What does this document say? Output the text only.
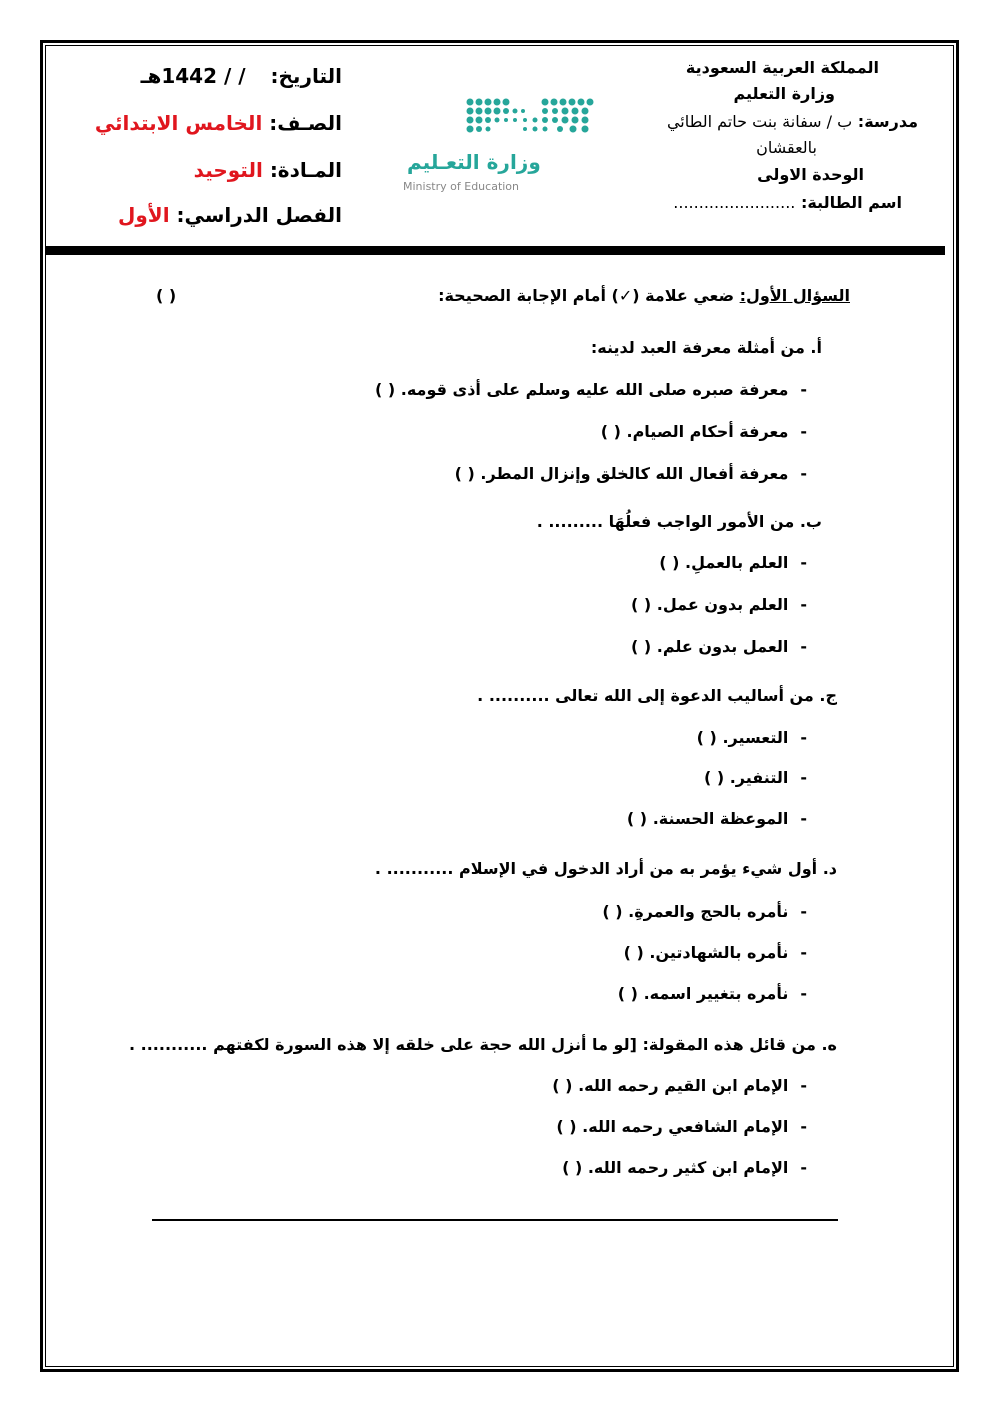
المملكة العربية السعودية
وزارة التعليم
مدرسة: ب / سفانة بنت حاتم الطائي
بالعقشان
الوحدة الاولى
اسم الطالبة: ........................
التاريخ: / / 1442هـ
الصـف: الخامس الابتدائي
المـادة: التوحيد
الفصل الدراسي: الأول
وزارة التعـليم
Ministry of Education
السؤال الأول: ضعي علامة (✓) أمام الإجابة الصحيحة:
( )
أ. من أمثلة معرفة العبد لدينه:
-معرفة صبره صلى الله عليه وسلم على أذى قومه. ( )
-معرفة أحكام الصيام. ( )
-معرفة أفعال الله كالخلق وإنزال المطر. ( )
ب. من الأمور الواجب فعلُهَا ......... .
-العلم بالعملِ. ( )
-العلم بدون عمل. ( )
-العمل بدون علم. ( )
ج. من أساليب الدعوة إلى الله تعالى .......... .
-التعسير. ( )
-التنفير. ( )
-الموعظة الحسنة. ( )
د. أول شيء يؤمر به من أراد الدخول في الإسلام ........... .
-نأمره بالحج والعمرةِ. ( )
-نأمره بالشهادتين. ( )
-نأمره بتغيير اسمه. ( )
ه. من قائل هذه المقولة: [لو ما أنزل الله حجة على خلقه إلا هذه السورة لكفتهم ........... .
-الإمام ابن القيم رحمه الله. ( )
-الإمام الشافعي رحمه الله. ( )
-الإمام ابن كثير رحمه الله. ( )
